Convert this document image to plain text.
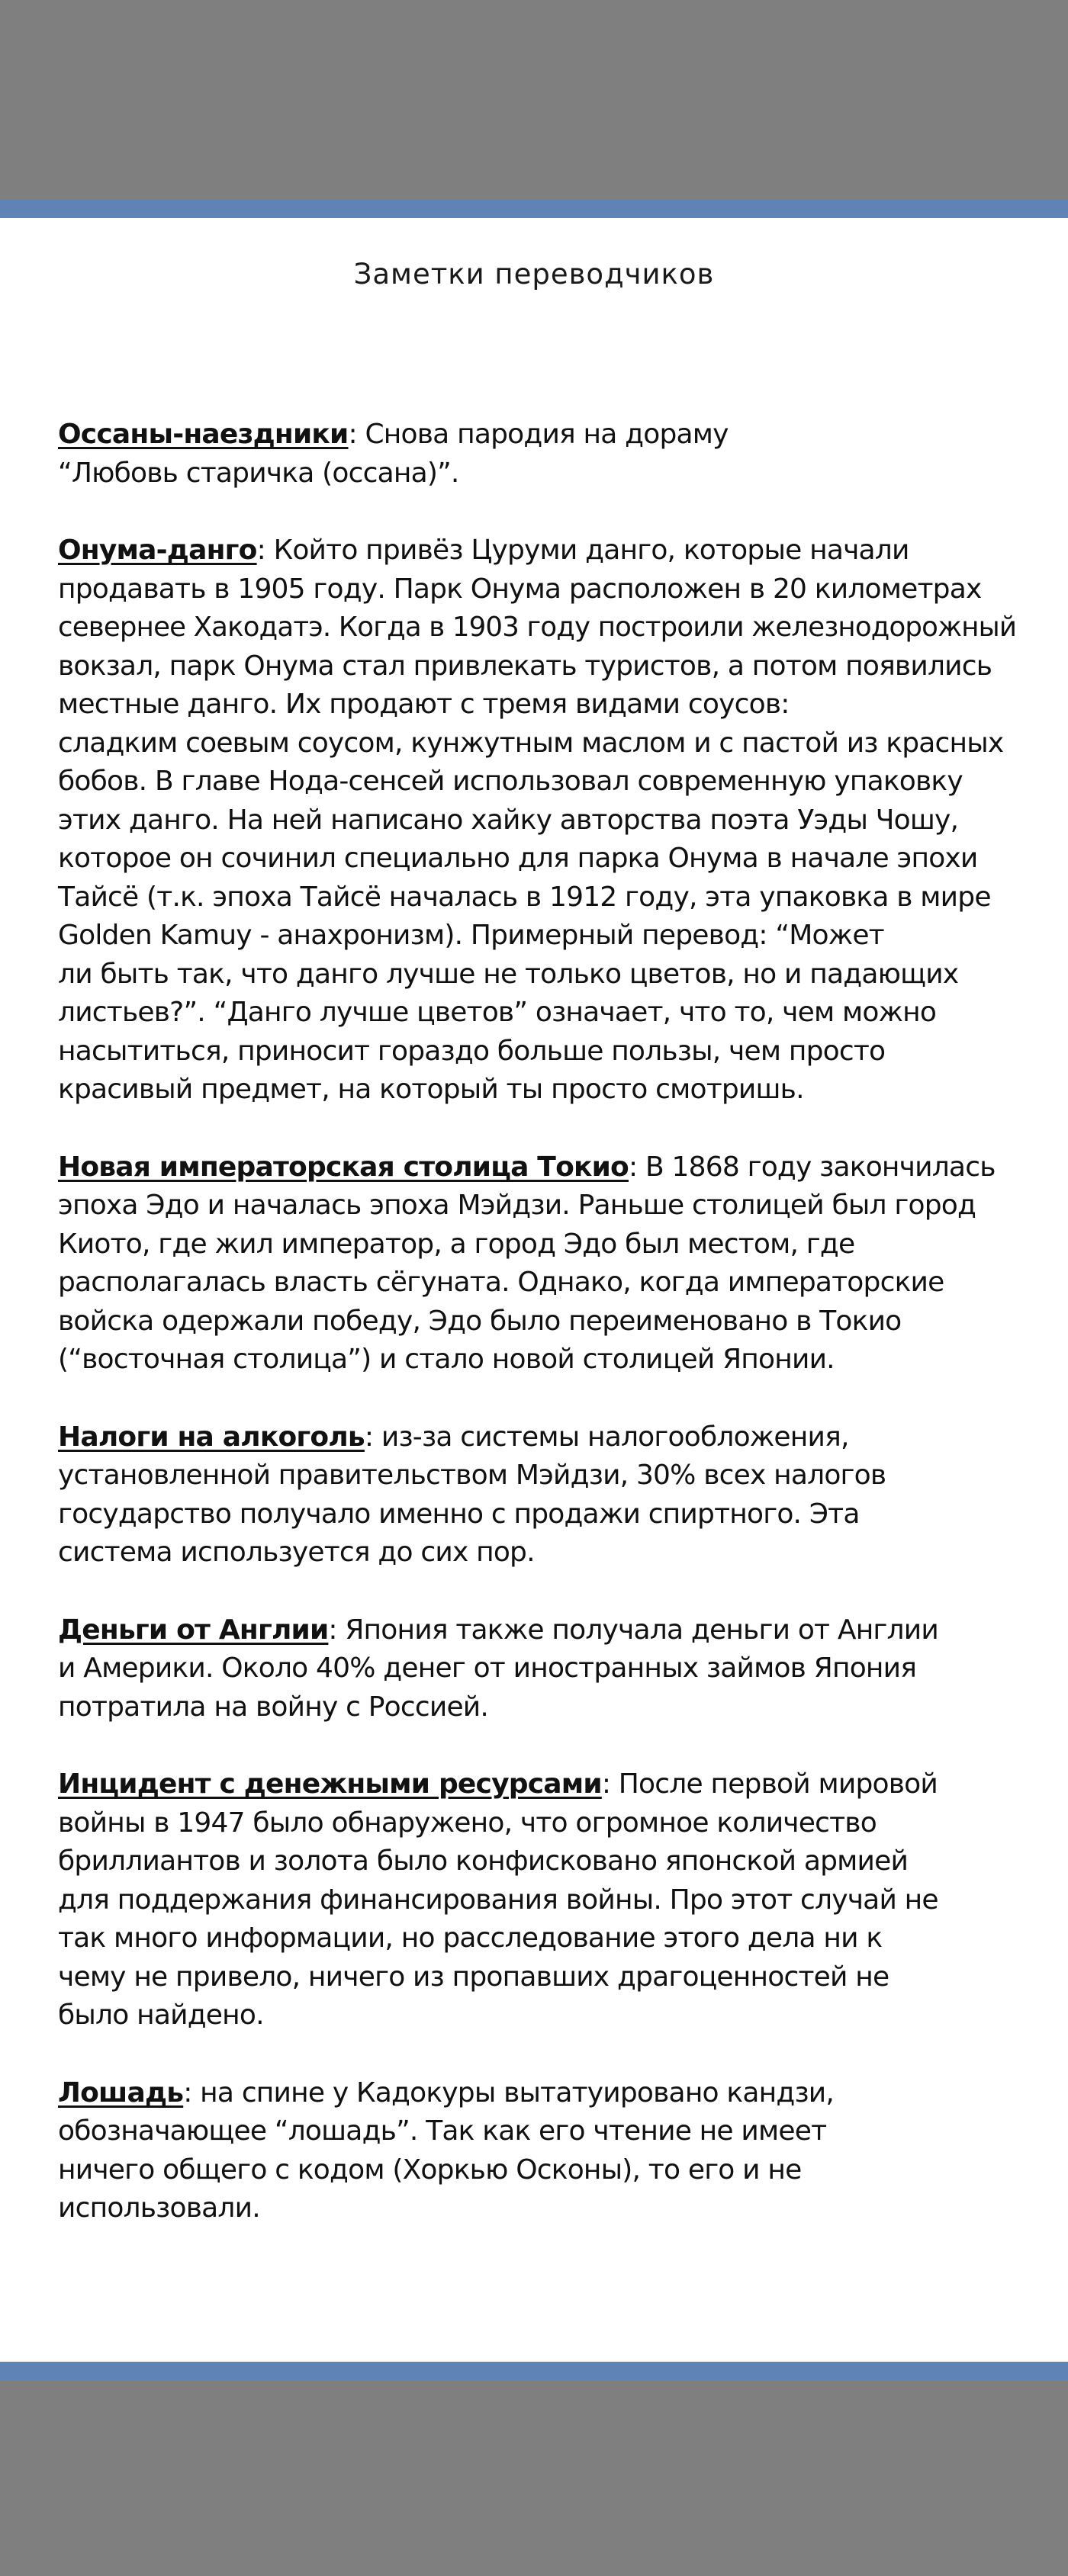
Заметки переводчиков

Оссаны-наездники: Снова пародия на дораму
“Любовь старичка (оссана)”.

Онума-данго: Който привёз Цуруми данго, которые начали
продавать в 1905 году. Парк Онума расположен в 20 километрах
севернее Хакодатэ. Когда в 1903 году построили железнодорожный
вокзал, парк Онума стал привлекать туристов, а потом появились
местные данго. Их продают с тремя видами соусов:
сладким соевым соусом, кунжутным маслом и с пастой из красных
бобов. В главе Нода-сенсей использовал современную упаковку
этих данго. На ней написано хайку авторства поэта Уэды Чошу,
которое он сочинил специально для парка Онума в начале эпохи
Тайсё (т.к. эпоха Тайсё началась в 1912 году, эта упаковка в мире
Golden Kamuy - анахронизм). Примерный перевод: “Может
ли быть так, что данго лучше не только цветов, но и падающих
листьев?”. “Данго лучше цветов” означает, что то, чем можно
насытиться, приносит гораздо больше пользы, чем просто
красивый предмет, на который ты просто смотришь.

Новая императорская столица Токио: В 1868 году закончилась
эпоха Эдо и началась эпоха Мэйдзи. Раньше столицей был город
Киото, где жил император, а город Эдо был местом, где
располагалась власть сёгуната. Однако, когда императорские
войска одержали победу, Эдо было переименовано в Токио
(“восточная столица”) и стало новой столицей Японии.

Налоги на алкоголь: из-за системы налогообложения,
установленной правительством Мэйдзи, 30% всех налогов
государство получало именно с продажи спиртного. Эта
система используется до сих пор.

Деньги от Англии: Япония также получала деньги от Англии
и Америки. Около 40% денег от иностранных займов Япония
потратила на войну с Россией.

Инцидент с денежными ресурсами: После первой мировой
войны в 1947 было обнаружено, что огромное количество
бриллиантов и золота было конфисковано японской армией
для поддержания финансирования войны. Про этот случай не
так много информации, но расследование этого дела ни к
чему не привело, ничего из пропавших драгоценностей не
было найдено.

Лошадь: на спине у Кадокуры вытатуировано кандзи,
обозначающее “лошадь”. Так как его чтение не имеет
ничего общего с кодом (Хоркью Осконы), то его и не
использовали.
